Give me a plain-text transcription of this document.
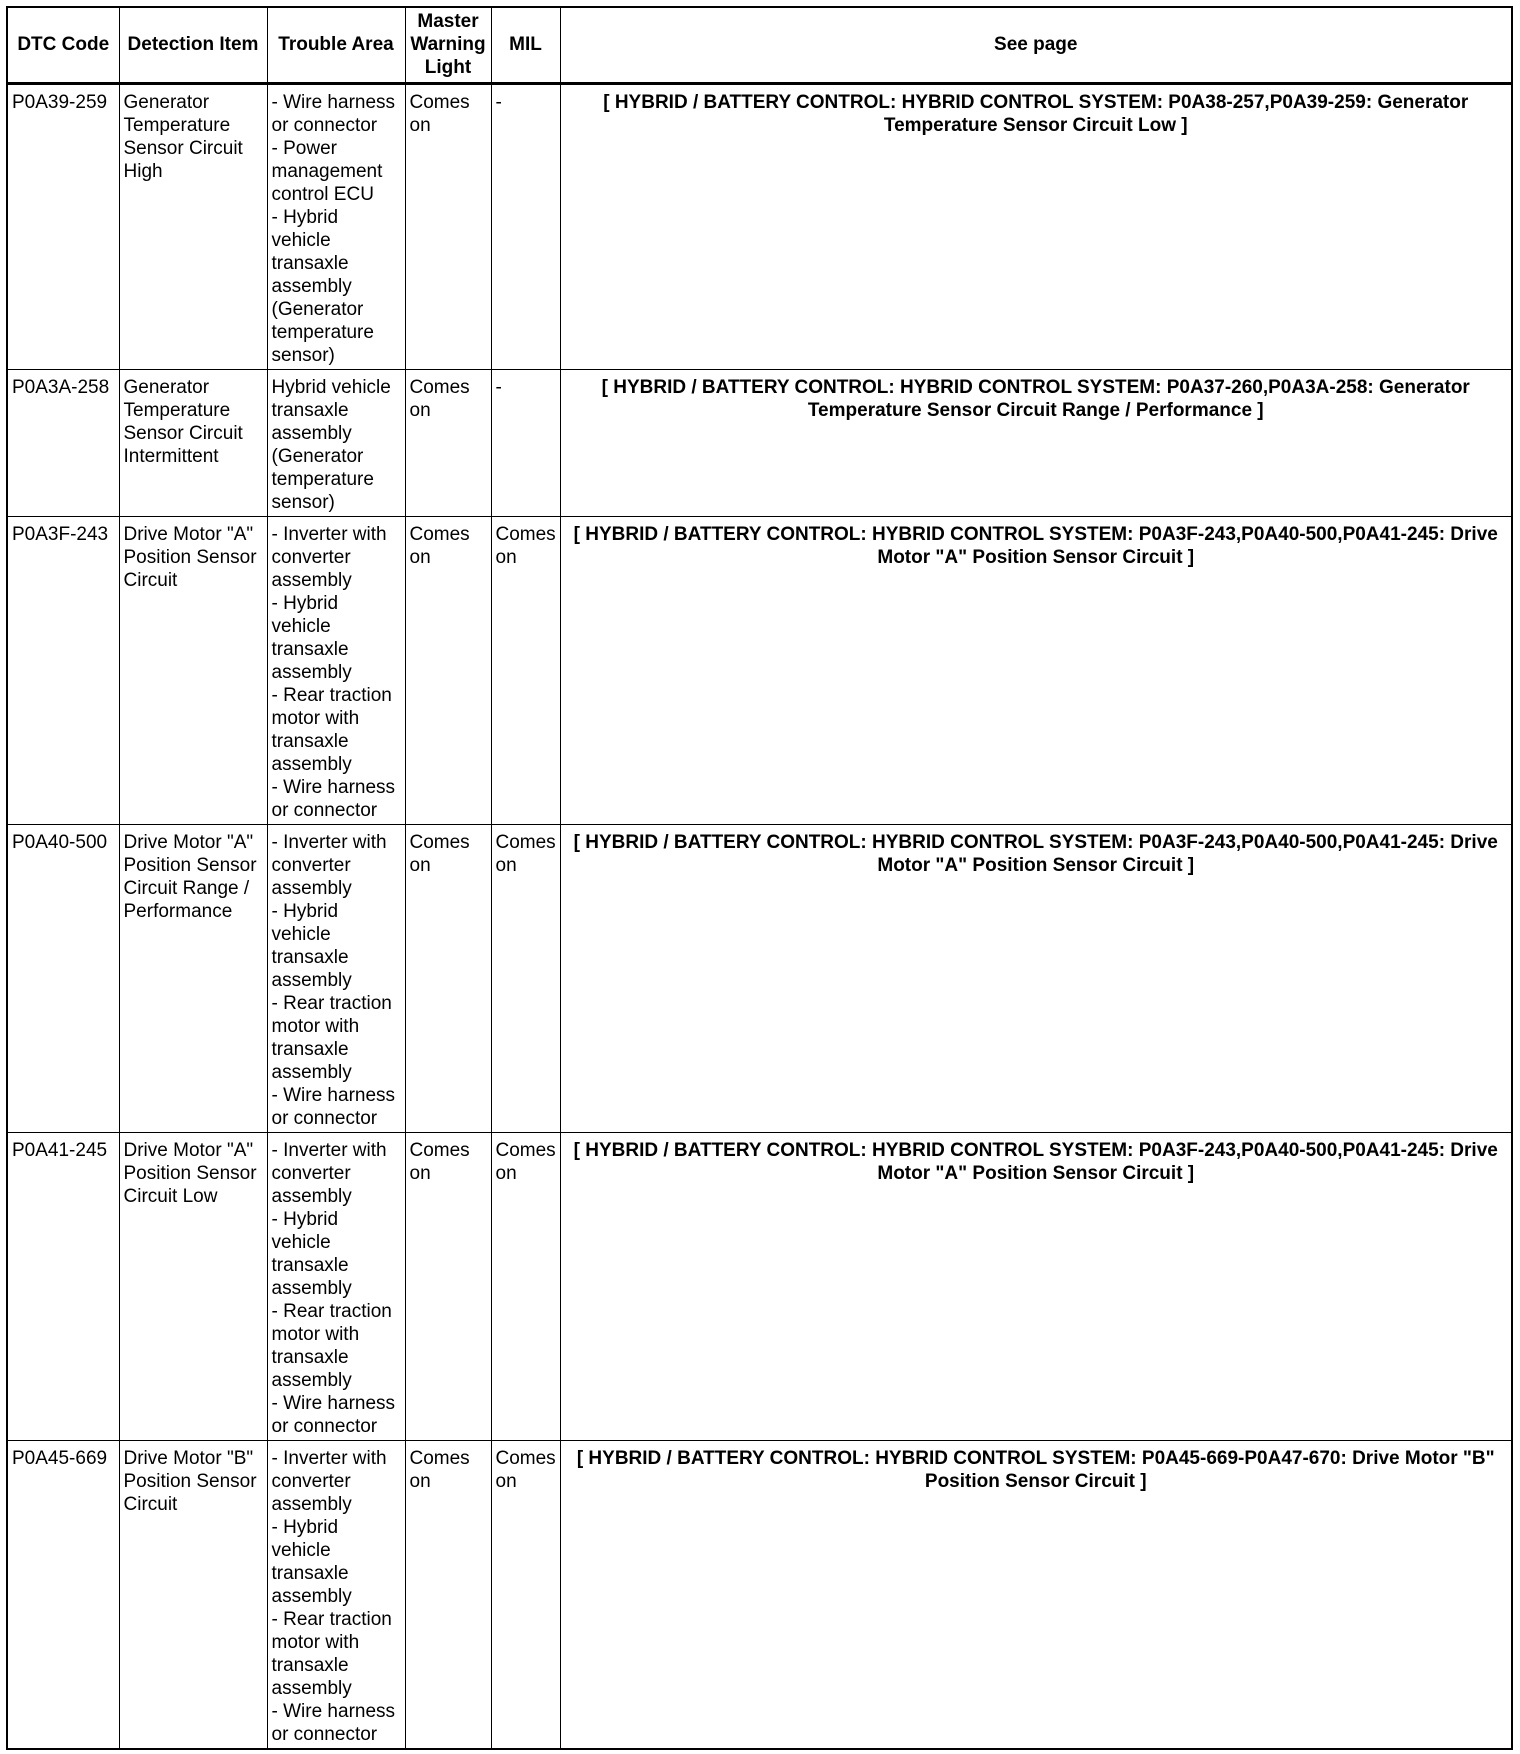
DTC Code	Detection Item	Trouble Area	Master Warning Light	MIL	See page
P0A39-259	Generator Temperature Sensor Circuit High	- Wire harness or connector
- Power management control ECU
- Hybrid vehicle transaxle assembly (Generator temperature sensor)	Comes on	-	[ HYBRID / BATTERY CONTROL: HYBRID CONTROL SYSTEM: P0A38-257,P0A39-259: Generator Temperature Sensor Circuit Low ]
P0A3A-258	Generator Temperature Sensor Circuit Intermittent	Hybrid vehicle transaxle assembly (Generator temperature sensor)	Comes on	-	[ HYBRID / BATTERY CONTROL: HYBRID CONTROL SYSTEM: P0A37-260,P0A3A-258: Generator Temperature Sensor Circuit Range / Performance ]
P0A3F-243	Drive Motor "A" Position Sensor Circuit	- Inverter with converter assembly
- Hybrid vehicle transaxle assembly
- Rear traction motor with transaxle assembly
- Wire harness or connector	Comes on	Comes on	[ HYBRID / BATTERY CONTROL: HYBRID CONTROL SYSTEM: P0A3F-243,P0A40-500,P0A41-245: Drive Motor "A" Position Sensor Circuit ]
P0A40-500	Drive Motor "A" Position Sensor Circuit Range / Performance	- Inverter with converter assembly
- Hybrid vehicle transaxle assembly
- Rear traction motor with transaxle assembly
- Wire harness or connector	Comes on	Comes on	[ HYBRID / BATTERY CONTROL: HYBRID CONTROL SYSTEM: P0A3F-243,P0A40-500,P0A41-245: Drive Motor "A" Position Sensor Circuit ]
P0A41-245	Drive Motor "A" Position Sensor Circuit Low	- Inverter with converter assembly
- Hybrid vehicle transaxle assembly
- Rear traction motor with transaxle assembly
- Wire harness or connector	Comes on	Comes on	[ HYBRID / BATTERY CONTROL: HYBRID CONTROL SYSTEM: P0A3F-243,P0A40-500,P0A41-245: Drive Motor "A" Position Sensor Circuit ]
P0A45-669	Drive Motor "B" Position Sensor Circuit	- Inverter with converter assembly
- Hybrid vehicle transaxle assembly
- Rear traction motor with transaxle assembly
- Wire harness or connector	Comes on	Comes on	[ HYBRID / BATTERY CONTROL: HYBRID CONTROL SYSTEM: P0A45-669-P0A47-670: Drive Motor "B" Position Sensor Circuit ]
